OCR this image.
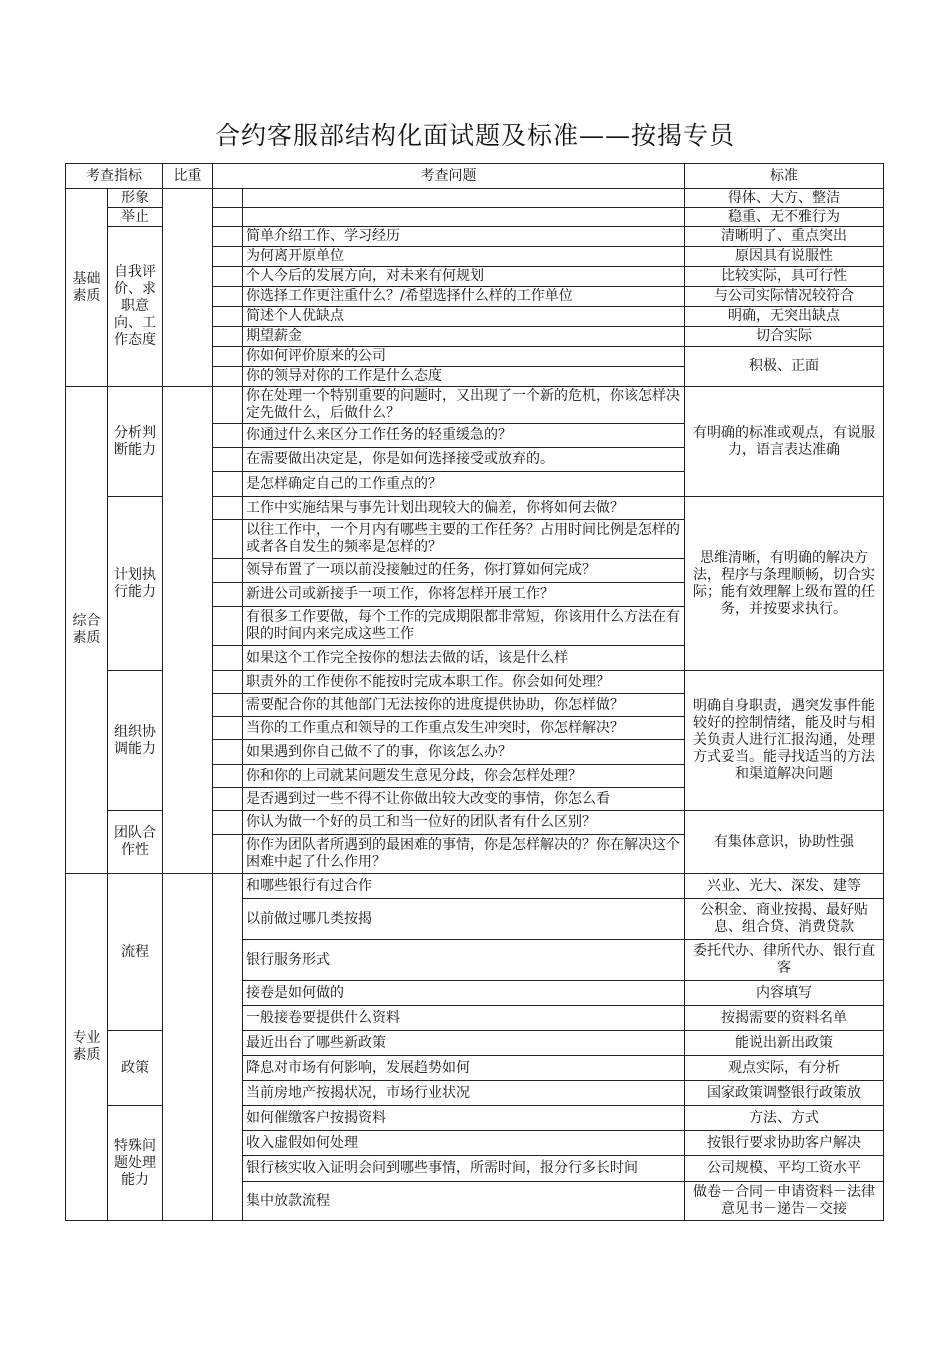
合约客服部结构化面试题及标准——按揭专员
考查指标		比重	考查问题		标准
基础素质	形象				得体、大方、整洁
	举止				稳重、无不雅行为
	自我评价、求职意向、工作态度			简单介绍工作、学习经历	清晰明了、重点突出
				为何离开原单位	原因具有说服性
				个人今后的发展方向，对未来有何规划	比较实际，具可行性
				你选择工作更注重什么？/希望选择什么样的工作单位	与公司实际情况较符合
				简述个人优缺点	明确，无突出缺点
				期望薪金	切合实际
				你如何评价原来的公司	积极、正面
				你的领导对你的工作是什么态度	
综合素质	分析判断能力			你在处理一个特别重要的问题时，又出现了一个新的危机，你该怎样决定先做什么，后做什么？	有明确的标准或观点，有说服力，语言表达准确
				你通过什么来区分工作任务的轻重缓急的？	
				在需要做出决定是，你是如何选择接受或放弃的。	
				是怎样确定自己的工作重点的？	
	计划执行能力			工作中实施结果与事先计划出现较大的偏差，你将如何去做？	思维清晰，有明确的解决方法，程序与条理顺畅，切合实际；能有效理解上级布置的任务，并按要求执行。
				以往工作中，一个月内有哪些主要的工作任务？占用时间比例是怎样的或者各自发生的频率是怎样的？	
				领导布置了一项以前没接触过的任务，你打算如何完成？	
				新进公司或新接手一项工作，你将怎样开展工作？	
				有很多工作要做，每个工作的完成期限都非常短，你该用什么方法在有限的时间内来完成这些工作	
				如果这个工作完全按你的想法去做的话，该是什么样	
	组织协调能力			职责外的工作使你不能按时完成本职工作。你会如何处理？	明确自身职责，遇突发事件能较好的控制情绪，能及时与相关负责人进行汇报沟通，处理方式妥当。能寻找适当的方法和渠道解决问题
				需要配合你的其他部门无法按你的进度提供协助，你怎样做？	
				当你的工作重点和领导的工作重点发生冲突时，你怎样解决？	
				如果遇到你自己做不了的事，你该怎么办？	
				你和你的上司就某问题发生意见分歧，你会怎样处理？	
				是否遇到过一些不得不让你做出较大改变的事情，你怎么看	
	团队合作性			你认为做一个好的员工和当一位好的团队者有什么区别？	有集体意识，协助性强
				你作为团队者所遇到的最困难的事情，你是怎样解决的？你在解决这个困难中起了什么作用？	
专业素质	流程			和哪些银行有过合作	兴业、光大、深发、建等
				以前做过哪几类按揭	公积金、商业按揭、最好贴息、组合贷、消费贷款
				银行服务形式	委托代办、律所代办、银行直客
				接卷是如何做的	内容填写
				一般接卷要提供什么资料	按揭需要的资料名单
	政策			最近出台了哪些新政策	能说出新出政策
				降息对市场有何影响，发展趋势如何	观点实际，有分析
				当前房地产按揭状况，市场行业状况	国家政策调整银行政策放
	特殊问题处理能力			如何催缴客户按揭资料	方法、方式
				收入虚假如何处理	按银行要求协助客户解决
				银行核实收入证明会问到哪些事情，所需时间，报分行多长时间	公司规模、平均工资水平
				集中放款流程	做卷－合同－申请资料－法律意见书－递告－交接
